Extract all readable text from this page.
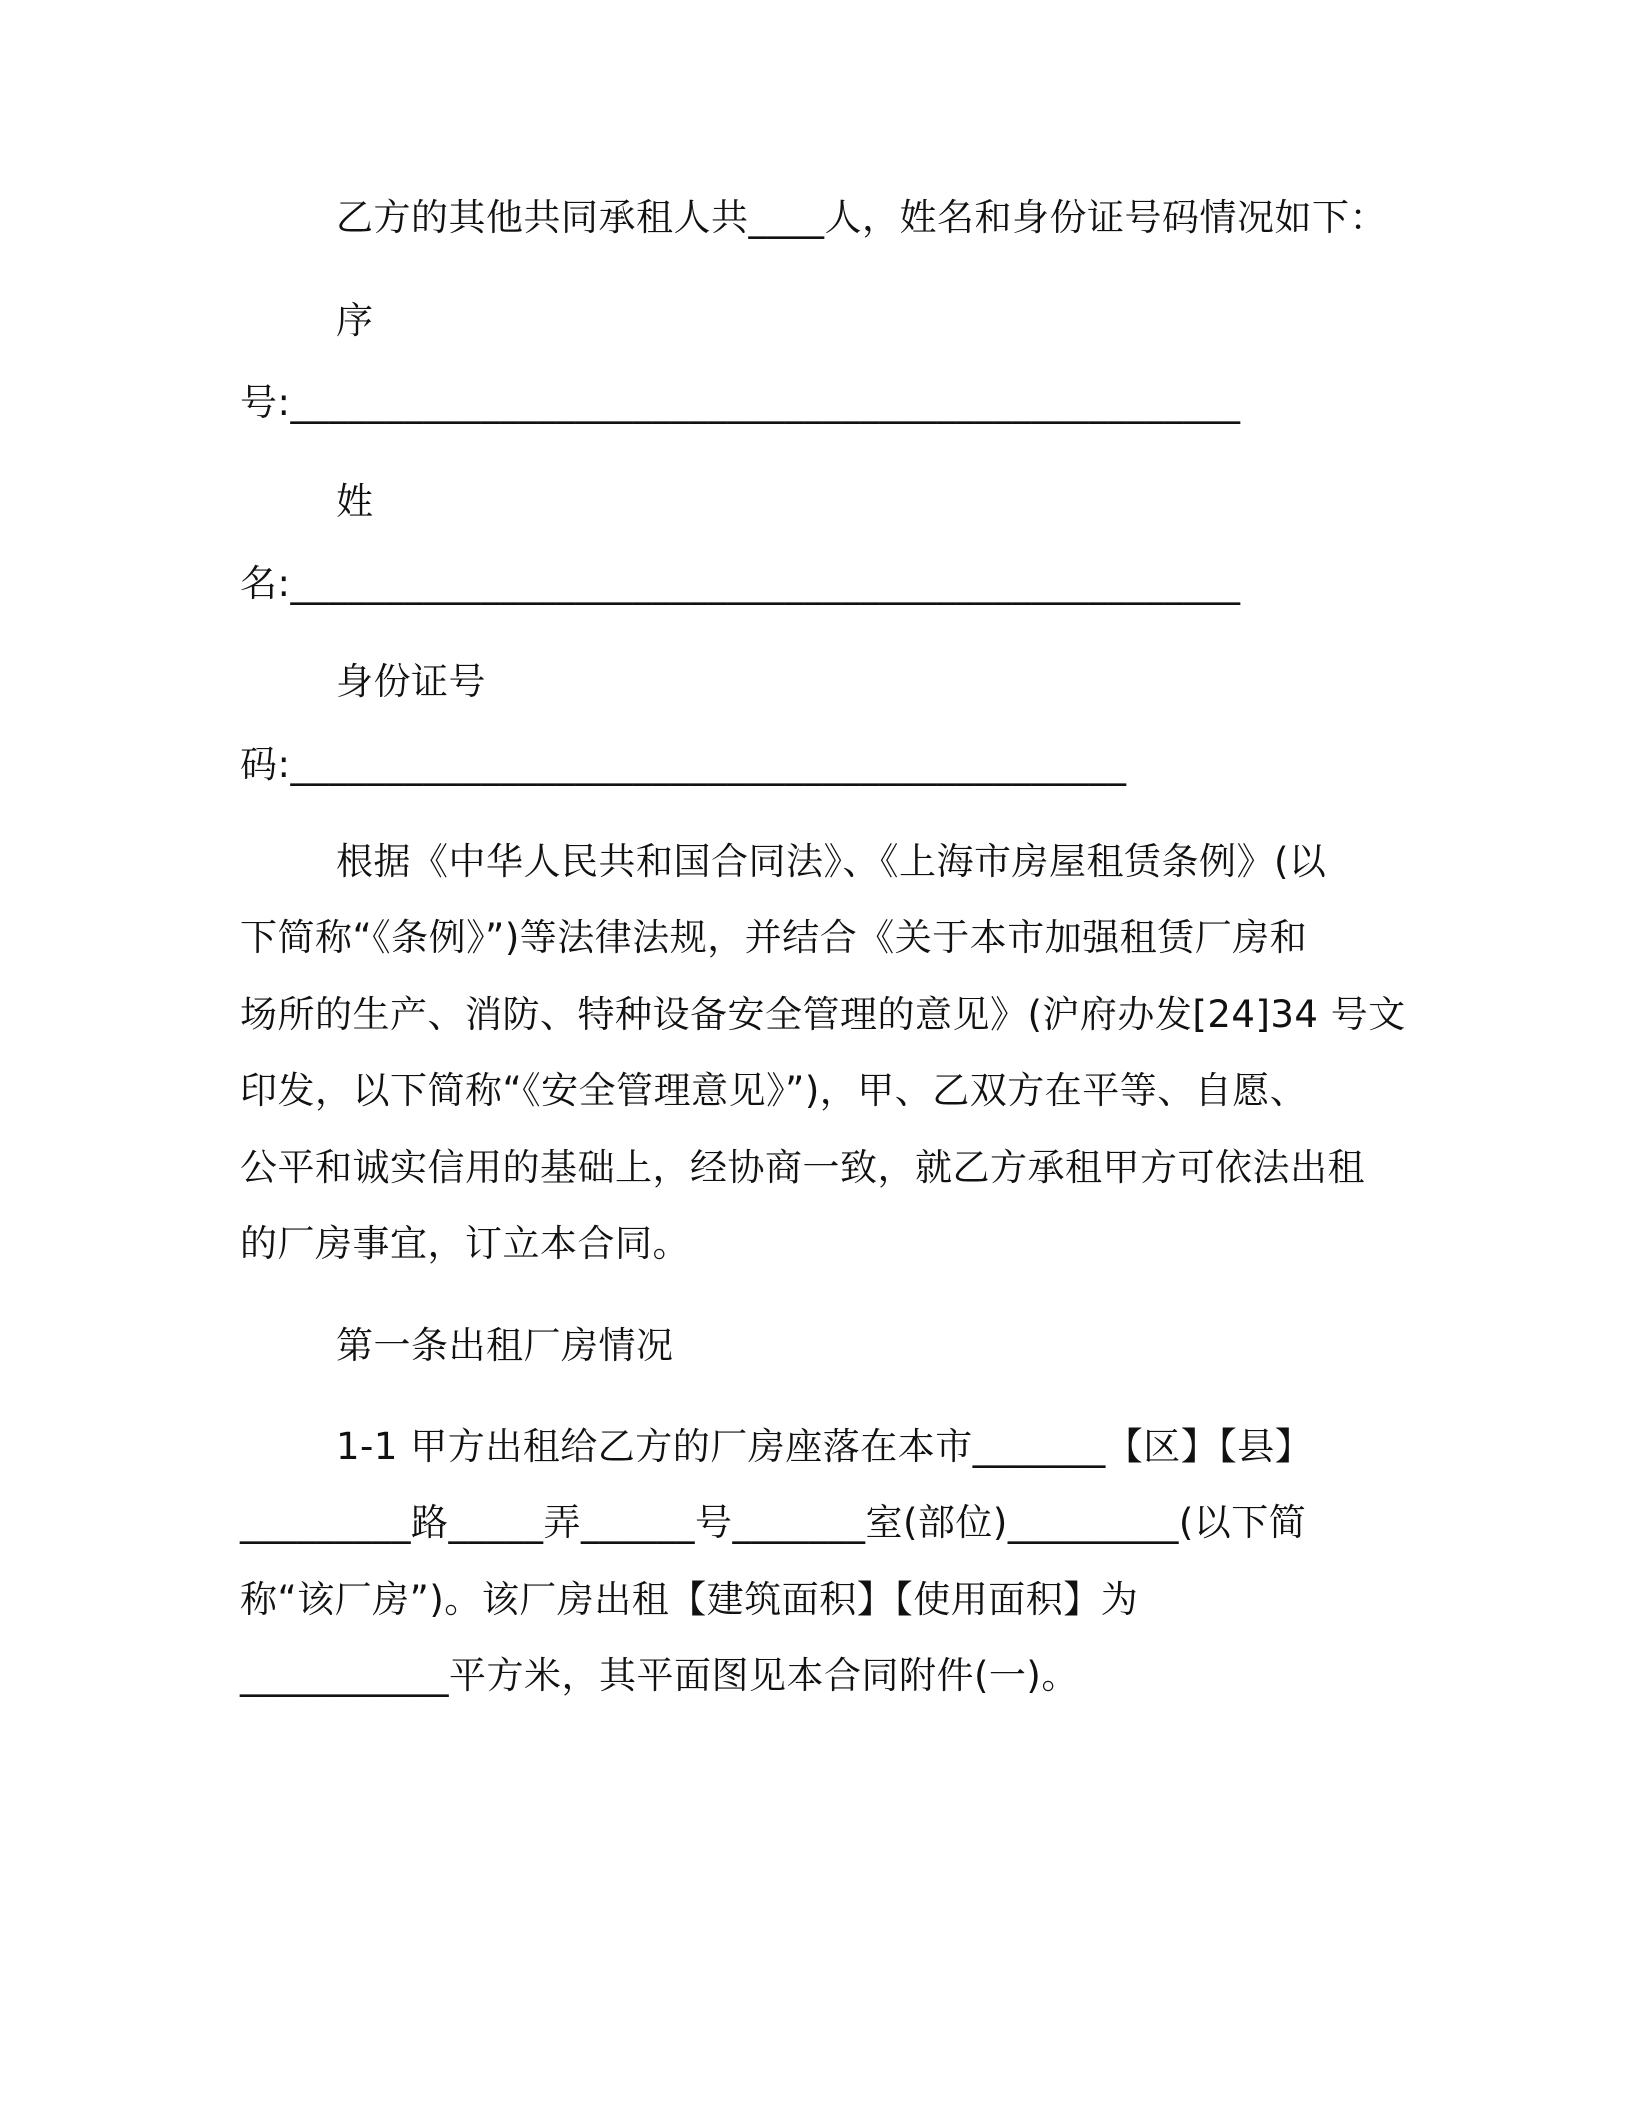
乙方的其他共同承租人共____人，姓名和身份证号码情况如下：
序
号:__________________________________________________
姓
名:__________________________________________________
身份证号
码:____________________________________________
根据《中华人民共和国合同法》、《上海市房屋租赁条例》(以
下简称“《条例》”)等法律法规，并结合《关于本市加强租赁厂房和
场所的生产、消防、特种设备安全管理的意见》(沪府办发[24]34 号文
印发，以下简称“《安全管理意见》”)，甲、乙双方在平等、自愿、
公平和诚实信用的基础上，经协商一致，就乙方承租甲方可依法出租
的厂房事宜，订立本合同。
第一条出租厂房情况
1-1 甲方出租给乙方的厂房座落在本市_______【区】【县】
_________路_____弄______号_______室(部位)_________(以下简
称“该厂房”)。该厂房出租【建筑面积】【使用面积】为
___________平方米，其平面图见本合同附件(一)。
